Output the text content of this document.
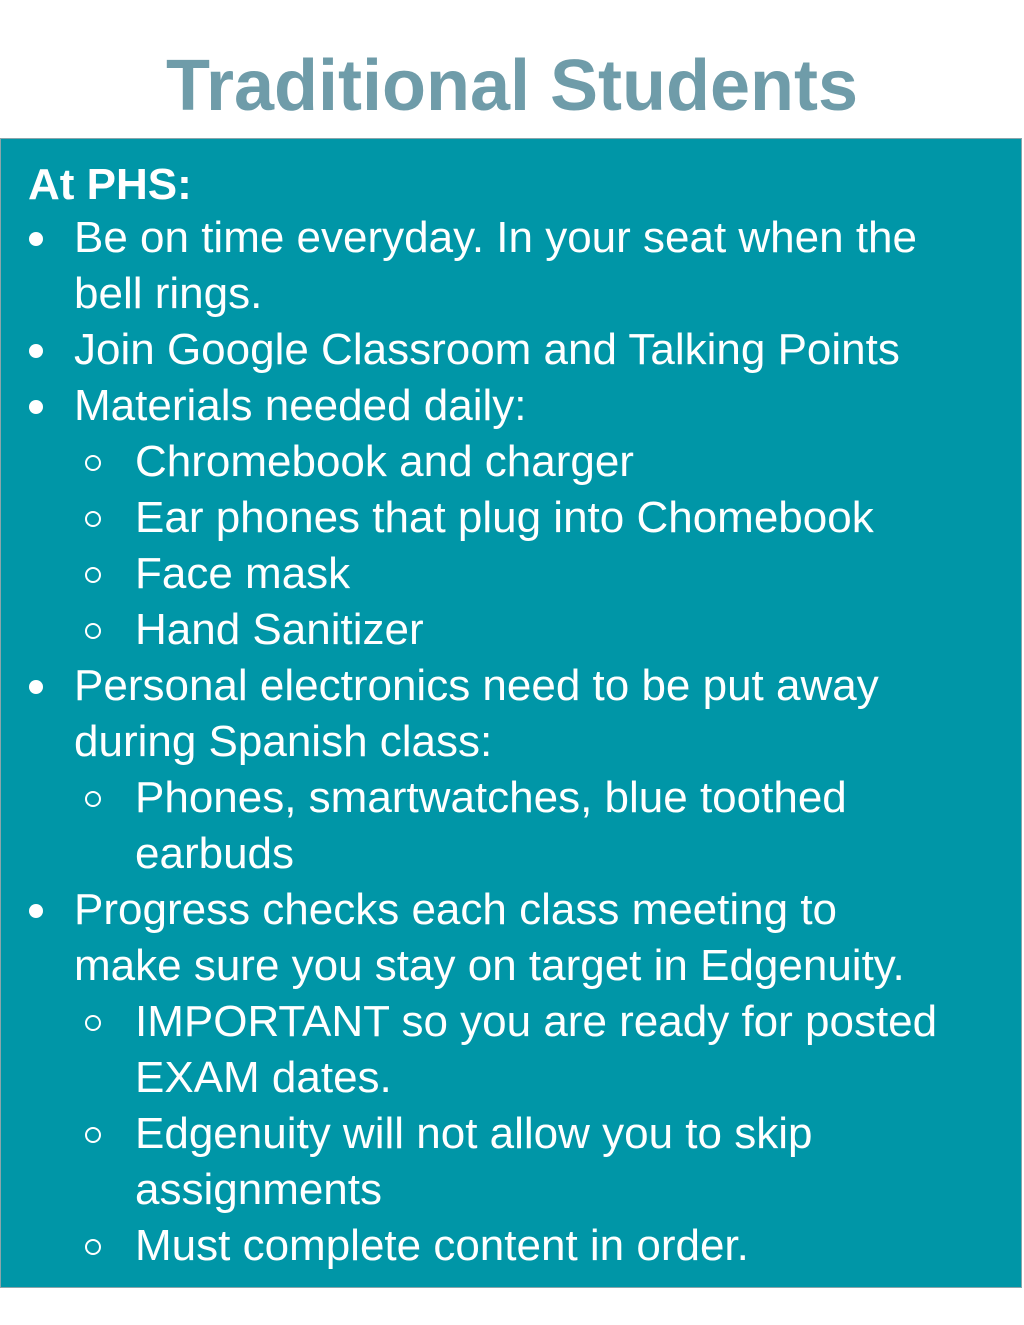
Traditional Students
At PHS:
Be on time everyday. In your seat when the
bell rings.
Join Google Classroom and Talking Points
Materials needed daily:
Chromebook and charger
Ear phones that plug into Chomebook
Face mask
Hand Sanitizer
Personal electronics need to be put away
during Spanish class:
Phones, smartwatches, blue toothed
earbuds
Progress checks each class meeting to
make sure you stay on target in Edgenuity.
IMPORTANT so you are ready for posted
EXAM dates.
Edgenuity will not allow you to skip
assignments
Must complete content in order.
